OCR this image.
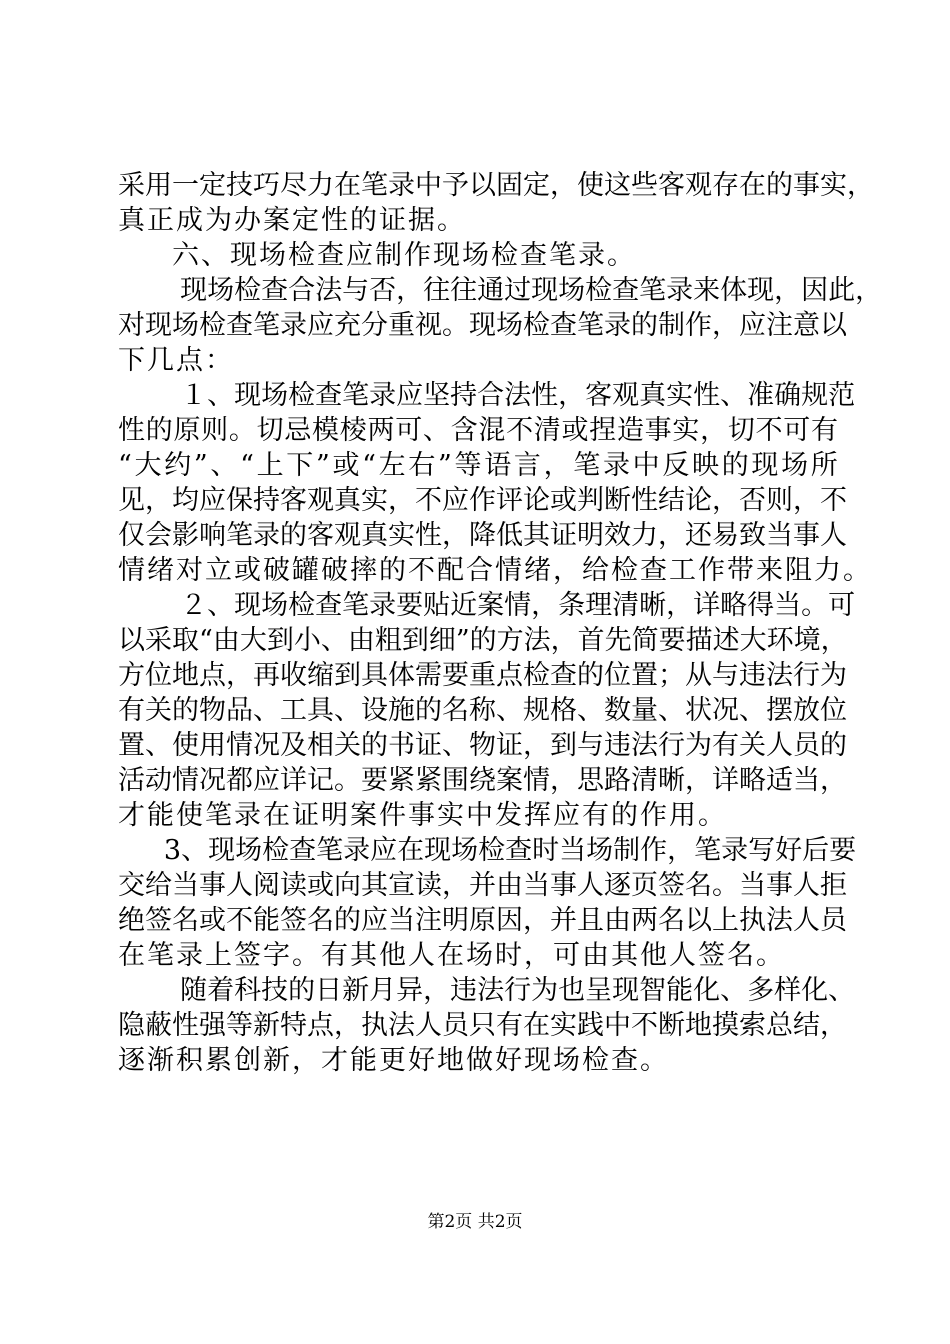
采 用 一 定 技 巧 尽 力 在 笔 录 中 予 以 固 定 ， 使 这 些 客 观 存 在 的 事 实 ，
真正成为办案定性的证据。
六、现场检查应制作现场检查笔录。
现 场 检 查 合 法 与 否 ， 往 往 通 过 现 场 检 查 笔 录 来 体 现 ， 因 此 ，
对 现 场 检 查 笔 录 应 充 分 重 视 。 现 场 检 查 笔 录 的 制 作 ， 应 注 意 以
下几点：
１ 、 现 场 检 查 笔 录 应 坚 持 合 法 性 ， 客 观 真 实 性 、 准 确 规 范
性 的 原 则 。 切 忌 模 棱 两 可 、 含 混 不 清 或 捏 造 事 实 ， 切 不 可 有
“ 大 约 ” 、 “ 上 下 ” 或 “ 左 右 ” 等 语 言 ， 笔 录 中 反 映 的 现 场 所
见 ， 均 应 保 持 客 观 真 实 ， 不 应 作 评 论 或 判 断 性 结 论 ， 否 则 ， 不
仅 会 影 响 笔 录 的 客 观 真 实 性 ， 降 低 其 证 明 效 力 ， 还 易 致 当 事 人
情绪对立或破罐破摔的不配合情绪，给检查工作带来阻力。
２ 、 现 场 检 查 笔 录 要 贴 近 案 情 ， 条 理 清 晰 ， 详 略 得 当 。 可
以 采 取 “ 由 大 到 小 、 由 粗 到 细 ” 的 方 法 ， 首 先 简 要 描 述 大 环 境 ，
方 位 地 点 ， 再 收 缩 到 具 体 需 要 重 点 检 查 的 位 置 ； 从 与 违 法 行 为
有 关 的 物 品 、 工 具 、 设 施 的 名 称 、 规 格 、 数 量 、 状 况 、 摆 放 位
置 、 使 用 情 况 及 相 关 的 书 证 、 物 证 ， 到 与 违 法 行 为 有 关 人 员 的
活 动 情 况 都 应 详 记 。 要 紧 紧 围 绕 案 情 ， 思 路 清 晰 ， 详 略 适 当 ，
才能使笔录在证明案件事实中发挥应有的作用。
3 、 现 场 检 查 笔 录 应 在 现 场 检 查 时 当 场 制 作 ， 笔 录 写 好 后 要
交 给 当 事 人 阅 读 或 向 其 宣 读 ， 并 由 当 事 人 逐 页 签 名 。 当 事 人 拒
绝 签 名 或 不 能 签 名 的 应 当 注 明 原 因 ， 并 且 由 两 名 以 上 执 法 人 员
在笔录上签字。有其他人在场时，可由其他人签名。
随 着 科 技 的 日 新 月 异 ， 违 法 行 为 也 呈 现 智 能 化 、 多 样 化 、
隐 蔽 性 强 等 新 特 点 ， 执 法 人 员 只 有 在 实 践 中 不 断 地 摸 索 总 结 ，
逐渐积累创新，才能更好地做好现场检查。
第2页 共2页
